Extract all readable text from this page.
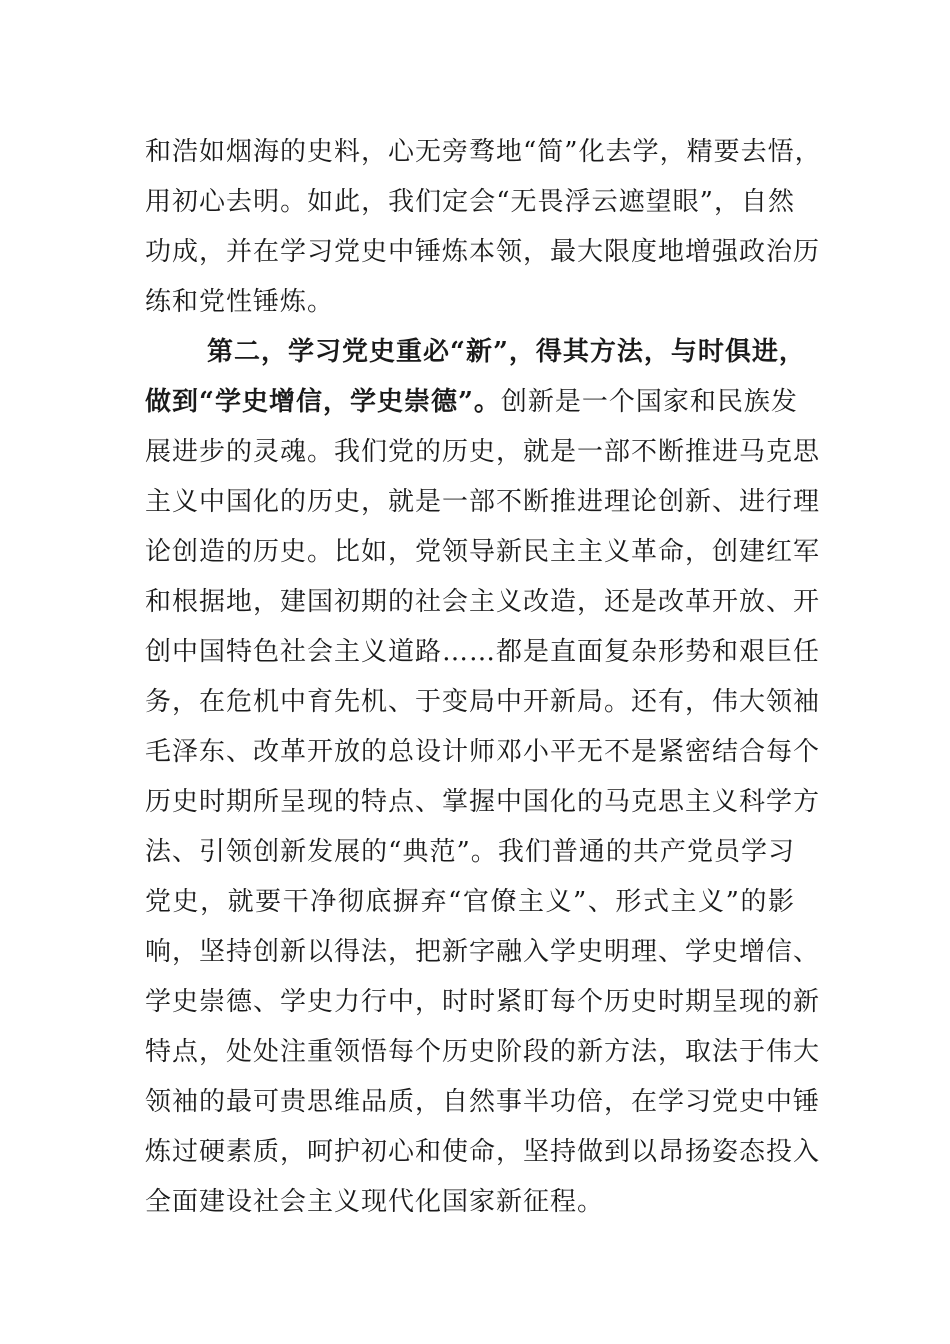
和浩如烟海的史料，心无旁骛地“简”化去学，精要去悟，
用初心去明。如此，我们定会“无畏浮云遮望眼”，自然
功成，并在学习党史中锤炼本领，最大限度地增强政治历
练和党性锤炼。
第二，学习党史重必“新”，得其方法，与时俱进，
做到“学史增信，学史崇德”。创新是一个国家和民族发
展进步的灵魂。我们党的历史，就是一部不断推进马克思
主义中国化的历史，就是一部不断推进理论创新、进行理
论创造的历史。比如，党领导新民主主义革命，创建红军
和根据地，建国初期的社会主义改造，还是改革开放、开
创中国特色社会主义道路……都是直面复杂形势和艰巨任
务，在危机中育先机、于变局中开新局。还有，伟大领袖
毛泽东、改革开放的总设计师邓小平无不是紧密结合每个
历史时期所呈现的特点、掌握中国化的马克思主义科学方
法、引领创新发展的“典范”。我们普通的共产党员学习
党史，就要干净彻底摒弃“官僚主义”、形式主义”的影
响，坚持创新以得法，把新字融入学史明理、学史增信、
学史崇德、学史力行中，时时紧盯每个历史时期呈现的新
特点，处处注重领悟每个历史阶段的新方法，取法于伟大
领袖的最可贵思维品质，自然事半功倍，在学习党史中锤
炼过硬素质，呵护初心和使命，坚持做到以昂扬姿态投入
全面建设社会主义现代化国家新征程。
